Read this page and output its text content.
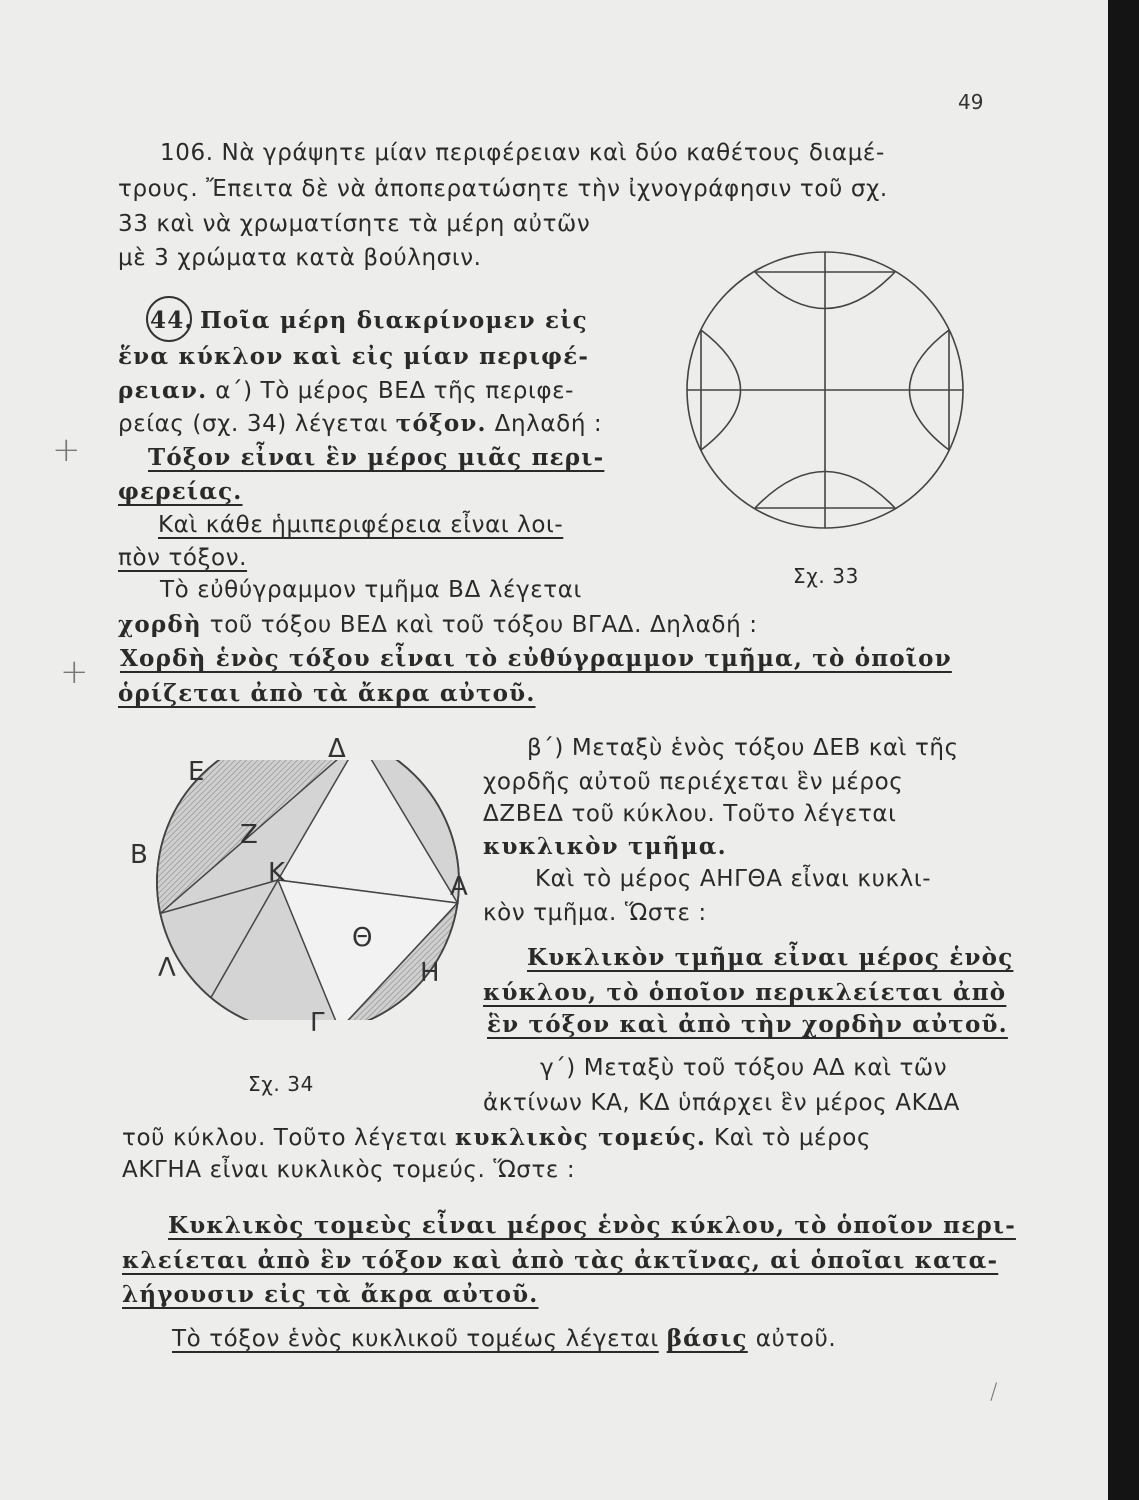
49
106. Νὰ γράψητε μίαν περιφέρειαν καὶ δύο καθέτους διαμέ-
τρους. Ἔπειτα δὲ νὰ ἀποπερατώσητε τὴν ἰχνογράφησιν τοῦ σχ.
33 καὶ νὰ χρωματίσητε τὰ μέρη αὐτῶν
μὲ 3 χρώματα κατὰ βούλησιν.
44. Ποῖα μέρη διακρίνομεν εἰς
ἕνα κύκλον καὶ εἰς μίαν περιφέ-
ρειαν. α΄) Τὸ μέρος ΒΕΔ τῆς περιφε-
ρείας (σχ. 34) λέγεται τόξον. Δηλαδή :
Τόξον εἶναι ἓν μέρος μιᾶς περι-
φερείας.
Καὶ κάθε ἡμιπεριφέρεια εἶναι λοι-
πὸν τόξον.
Τὸ εὐθύγραμμον τμῆμα ΒΔ λέγεται
χορδὴ τοῦ τόξου ΒΕΔ καὶ τοῦ τόξου ΒΓΑΔ. Δηλαδή :
Χορδὴ ἑνὸς τόξου εἶναι τὸ εὐθύγραμμον τμῆμα, τὸ ὁποῖον
ὁρίζεται ἀπὸ τὰ ἄκρα αὐτοῦ.
Σχ. 33
Δ
Ε
Β
Ζ
Κ	Α
Θ
Λ	Η
Γ
Σχ. 34
β΄) Μεταξὺ ἑνὸς τόξου ΔΕΒ καὶ τῆς
χορδῆς αὐτοῦ περιέχεται ἓν μέρος
ΔΖΒΕΔ τοῦ κύκλου. Τοῦτο λέγεται
κυκλικὸν τμῆμα.
Καὶ τὸ μέρος ΑΗΓΘΑ εἶναι κυκλι-
κὸν τμῆμα. Ὥστε :
Κυκλικὸν τμῆμα εἶναι μέρος ἑνὸς
κύκλου, τὸ ὁποῖον περικλείεται ἀπὸ
ἓν τόξον καὶ ἀπὸ τὴν χορδὴν αὐτοῦ.
γ΄) Μεταξὺ τοῦ τόξου ΑΔ καὶ τῶν
ἀκτίνων ΚΑ, ΚΔ ὑπάρχει ἓν μέρος ΑΚΔΑ
τοῦ κύκλου. Τοῦτο λέγεται κυκλικὸς τομεύς. Καὶ τὸ μέρος
ΑΚΓΗΑ εἶναι κυκλικὸς τομεύς. Ὥστε :
Κυκλικὸς τομεὺς εἶναι μέρος ἑνὸς κύκλου, τὸ ὁποῖον περι-
κλείεται ἀπὸ ἓν τόξον καὶ ἀπὸ τὰς ἀκτῖνας, αἱ ὁποῖαι κατα-
λήγουσιν εἰς τὰ ἄκρα αὐτοῦ.
Τὸ τόξον ἑνὸς κυκλικοῦ τομέως λέγεται βάσις αὐτοῦ.
+
+
/
